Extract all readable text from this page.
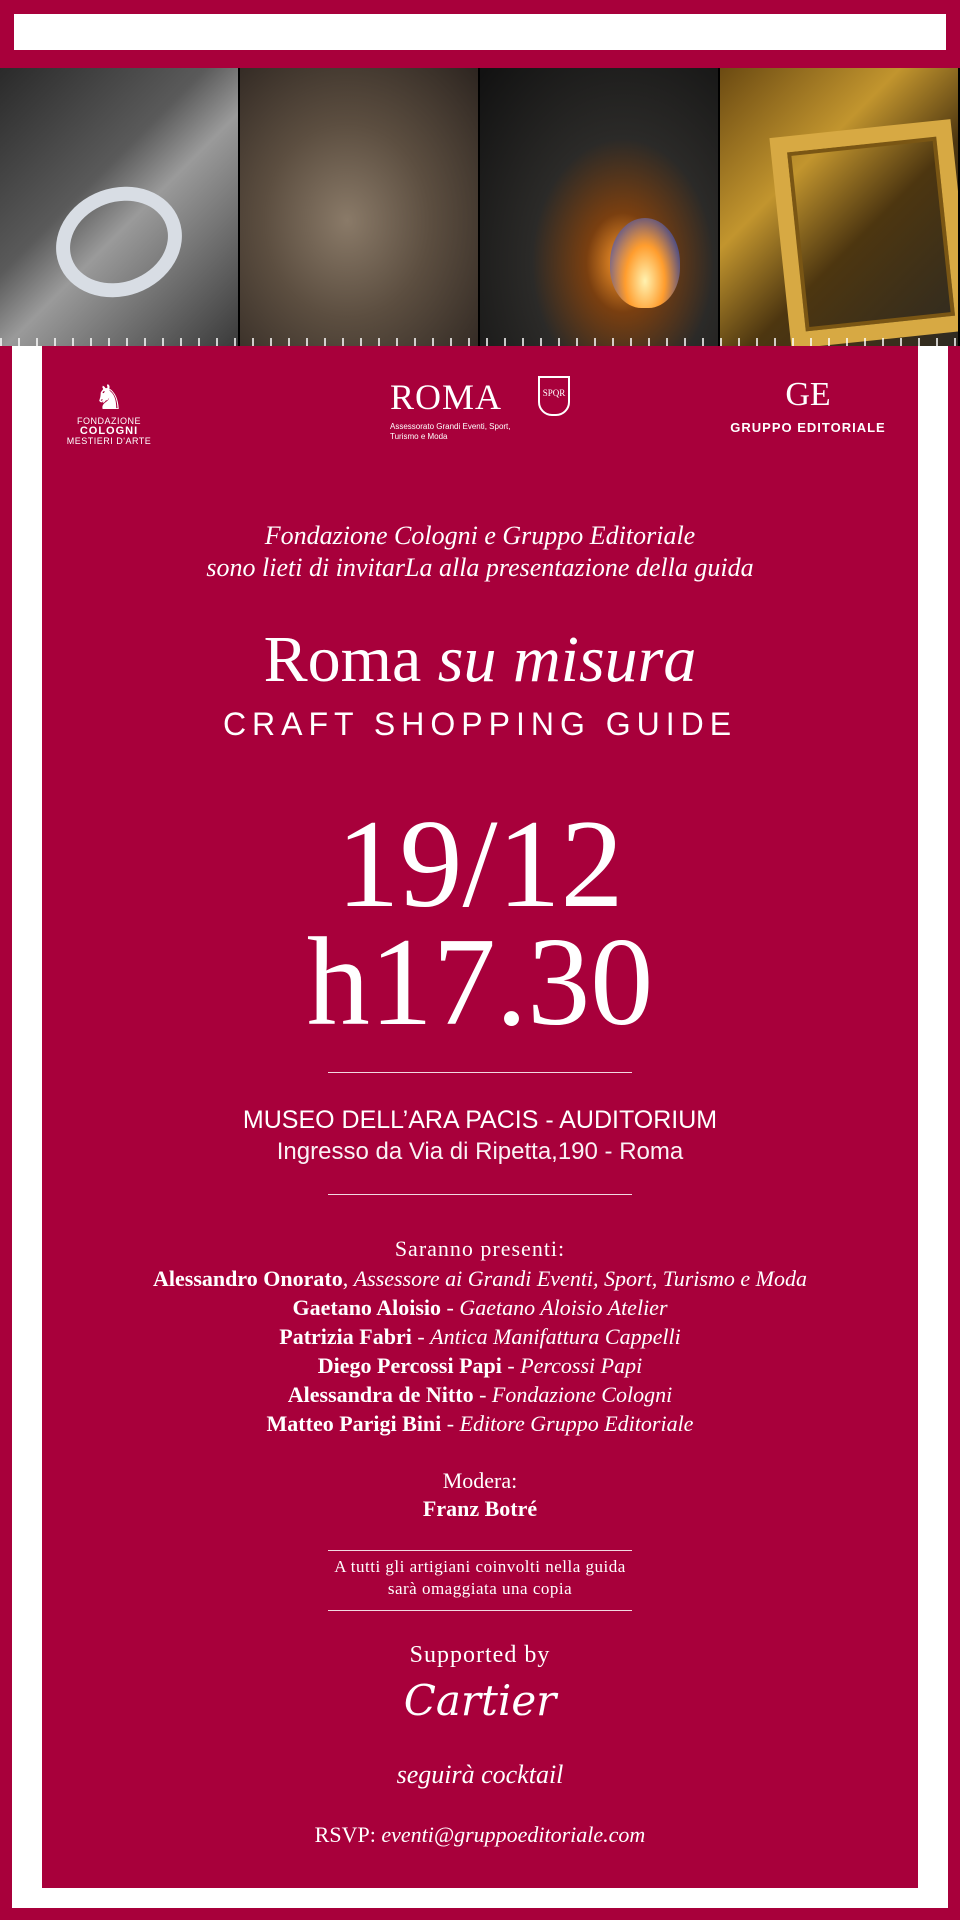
♞
FONDAZIONE
COLOGNI
MESTIERI D'ARTE
ROMA	SPQR
Assessorato Grandi Eventi, Sport, Turismo e Moda
GE
GRUPPO EDITORIALE
Fondazione Cologni e Gruppo Editoriale
sono lieti di invitarLa alla presentazione della guida
Roma su misura
CRAFT SHOPPING GUIDE
19/12
h17.30
MUSEO DELL’ARA PACIS - AUDITORIUM
Ingresso da Via di Ripetta,190 - Roma
Saranno presenti:
Alessandro Onorato, Assessore ai Grandi Eventi, Sport, Turismo e Moda
Gaetano Aloisio - Gaetano Aloisio Atelier
Patrizia Fabri - Antica Manifattura Cappelli
Diego Percossi Papi - Percossi Papi
Alessandra de Nitto - Fondazione Cologni
Matteo Parigi Bini - Editore Gruppo Editoriale
Modera:
Franz Botré
A tutti gli artigiani coinvolti nella guida
sarà omaggiata una copia
Supported by
Cartier
seguirà cocktail
RSVP: eventi@gruppoeditoriale.com
